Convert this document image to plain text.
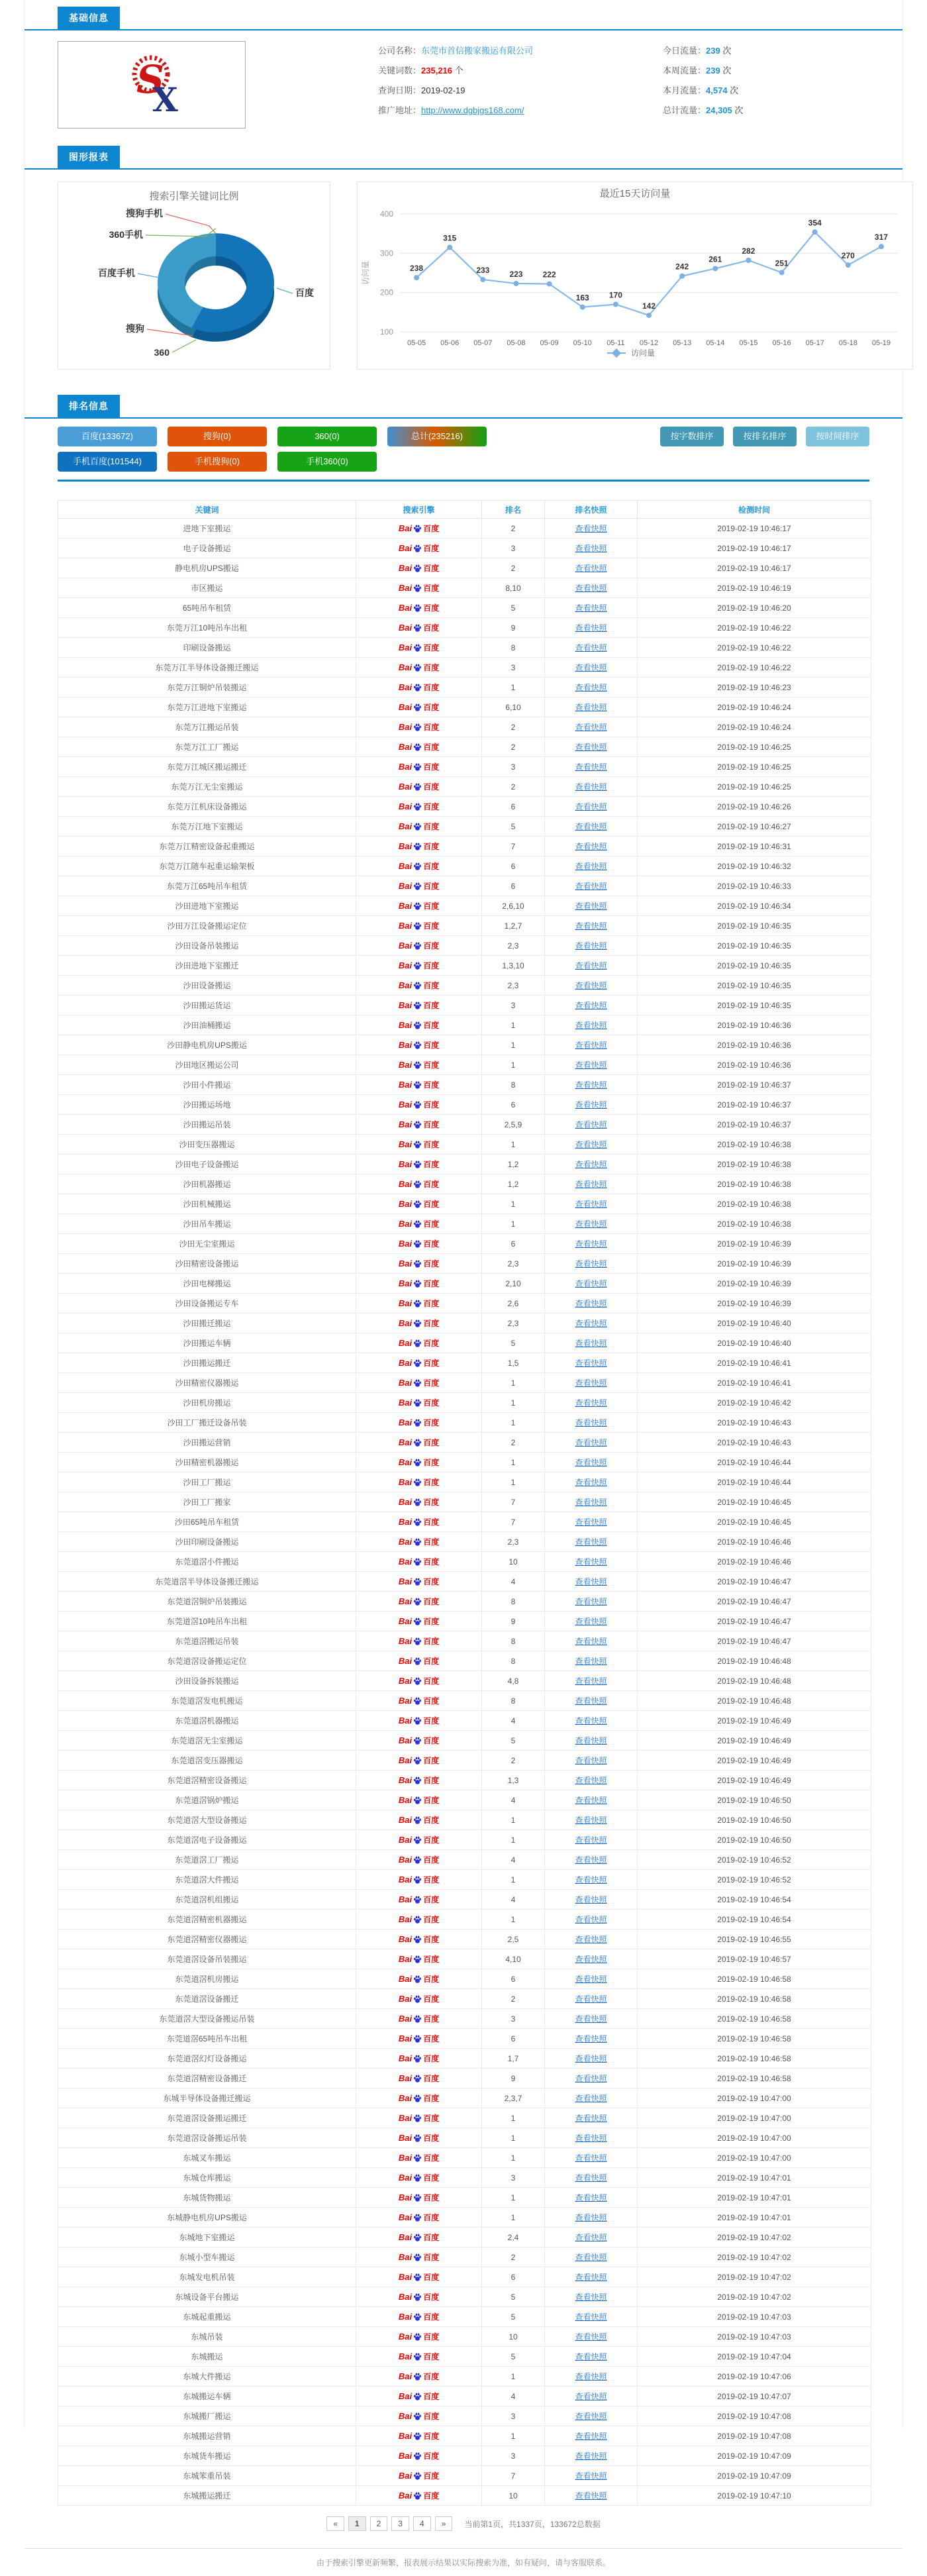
基础信息
S
X
公司名称：东莞市首信搬家搬运有限公司
关键词数：235,216 个
查询日期：2019-02-19
推广地址：http://www.dgbjgs168.com/
今日流量：239 次
本周流量：239 次
本月流量：4,574 次
总计流量：24,305 次
图形报表
搜索引擎关键词比例
百度
百度手机
搜狗手机
360手机
搜狗
360
最近15天访问量
100
200
300
400
访问量	238
05-05
315
05-06
233
05-07
223
05-08
222
05-09
163
05-10
170
05-11
142
05-12
242
05-13
261
05-14
282
05-15
251
05-16
354
05-17
270
05-18
317
05-19
访问量
排名信息
百度(133672)	搜狗(0)	360(0)	总计(235216)	按字数排序	按排名排序	按时间排序
手机百度(101544)	手机搜狗(0)	手机360(0)
关键词	搜索引擎	排名	排名快照	检测时间
进地下室搬运	Bai 百度	2	查看快照	2019-02-19 10:46:17
电子设备搬运	Bai 百度	3	查看快照	2019-02-19 10:46:17
静电机房UPS搬运	Bai 百度	2	查看快照	2019-02-19 10:46:17
市区搬运	Bai 百度	8,10	查看快照	2019-02-19 10:46:19
65吨吊车租赁	Bai 百度	5	查看快照	2019-02-19 10:46:20
东莞万江10吨吊车出租	Bai 百度	9	查看快照	2019-02-19 10:46:22
印刷设备搬运	Bai 百度	8	查看快照	2019-02-19 10:46:22
东莞万江半导体设备搬迁搬运	Bai 百度	3	查看快照	2019-02-19 10:46:22
东莞万江铜炉吊装搬运	Bai 百度	1	查看快照	2019-02-19 10:46:23
东莞万江进地下室搬运	Bai 百度	6,10	查看快照	2019-02-19 10:46:24
东莞万江搬运吊装	Bai 百度	2	查看快照	2019-02-19 10:46:24
东莞万江工厂搬运	Bai 百度	2	查看快照	2019-02-19 10:46:25
东莞万江城区搬运搬迁	Bai 百度	3	查看快照	2019-02-19 10:46:25
东莞万江无尘室搬运	Bai 百度	2	查看快照	2019-02-19 10:46:25
东莞万江机床设备搬运	Bai 百度	6	查看快照	2019-02-19 10:46:26
东莞万江地下室搬运	Bai 百度	5	查看快照	2019-02-19 10:46:27
东莞万江精密设备起重搬运	Bai 百度	7	查看快照	2019-02-19 10:46:31
东莞万江随车起重运输架板	Bai 百度	6	查看快照	2019-02-19 10:46:32
东莞万江65吨吊车租赁	Bai 百度	6	查看快照	2019-02-19 10:46:33
沙田进地下室搬运	Bai 百度	2,6,10	查看快照	2019-02-19 10:46:34
沙田万江设备搬运定位	Bai 百度	1,2,7	查看快照	2019-02-19 10:46:35
沙田设备吊装搬运	Bai 百度	2,3	查看快照	2019-02-19 10:46:35
沙田进地下室搬迁	Bai 百度	1,3,10	查看快照	2019-02-19 10:46:35
沙田设备搬运	Bai 百度	2,3	查看快照	2019-02-19 10:46:35
沙田搬运货运	Bai 百度	3	查看快照	2019-02-19 10:46:35
沙田油桶搬运	Bai 百度	1	查看快照	2019-02-19 10:46:36
沙田静电机房UPS搬运	Bai 百度	1	查看快照	2019-02-19 10:46:36
沙田地区搬运公司	Bai 百度	1	查看快照	2019-02-19 10:46:36
沙田小件搬运	Bai 百度	8	查看快照	2019-02-19 10:46:37
沙田搬运场地	Bai 百度	6	查看快照	2019-02-19 10:46:37
沙田搬运吊装	Bai 百度	2,5,9	查看快照	2019-02-19 10:46:37
沙田变压器搬运	Bai 百度	1	查看快照	2019-02-19 10:46:38
沙田电子设备搬运	Bai 百度	1,2	查看快照	2019-02-19 10:46:38
沙田机器搬运	Bai 百度	1,2	查看快照	2019-02-19 10:46:38
沙田机械搬运	Bai 百度	1	查看快照	2019-02-19 10:46:38
沙田吊车搬运	Bai 百度	1	查看快照	2019-02-19 10:46:38
沙田无尘室搬运	Bai 百度	6	查看快照	2019-02-19 10:46:39
沙田精密设备搬运	Bai 百度	2,3	查看快照	2019-02-19 10:46:39
沙田电梯搬运	Bai 百度	2,10	查看快照	2019-02-19 10:46:39
沙田设备搬运专车	Bai 百度	2,6	查看快照	2019-02-19 10:46:39
沙田搬迁搬运	Bai 百度	2,3	查看快照	2019-02-19 10:46:40
沙田搬运车辆	Bai 百度	5	查看快照	2019-02-19 10:46:40
沙田搬运搬迁	Bai 百度	1,5	查看快照	2019-02-19 10:46:41
沙田精密仪器搬运	Bai 百度	1	查看快照	2019-02-19 10:46:41
沙田机房搬运	Bai 百度	1	查看快照	2019-02-19 10:46:42
沙田工厂搬迁设备吊装	Bai 百度	1	查看快照	2019-02-19 10:46:43
沙田搬运营销	Bai 百度	2	查看快照	2019-02-19 10:46:43
沙田精密机器搬运	Bai 百度	1	查看快照	2019-02-19 10:46:44
沙田工厂搬运	Bai 百度	1	查看快照	2019-02-19 10:46:44
沙田工厂搬家	Bai 百度	7	查看快照	2019-02-19 10:46:45
沙田65吨吊车租赁	Bai 百度	7	查看快照	2019-02-19 10:46:45
沙田印刷设备搬运	Bai 百度	2,3	查看快照	2019-02-19 10:46:46
东莞道滘小件搬运	Bai 百度	10	查看快照	2019-02-19 10:46:46
东莞道滘半导体设备搬迁搬运	Bai 百度	4	查看快照	2019-02-19 10:46:47
东莞道滘铜炉吊装搬运	Bai 百度	8	查看快照	2019-02-19 10:46:47
东莞道滘10吨吊车出租	Bai 百度	9	查看快照	2019-02-19 10:46:47
东莞道滘搬运吊装	Bai 百度	8	查看快照	2019-02-19 10:46:47
东莞道滘设备搬运定位	Bai 百度	8	查看快照	2019-02-19 10:46:48
沙田设备拆装搬运	Bai 百度	4,8	查看快照	2019-02-19 10:46:48
东莞道滘发电机搬运	Bai 百度	8	查看快照	2019-02-19 10:46:48
东莞道滘机器搬运	Bai 百度	4	查看快照	2019-02-19 10:46:49
东莞道滘无尘室搬运	Bai 百度	5	查看快照	2019-02-19 10:46:49
东莞道滘变压器搬运	Bai 百度	2	查看快照	2019-02-19 10:46:49
东莞道滘精密设备搬运	Bai 百度	1,3	查看快照	2019-02-19 10:46:49
东莞道滘锅炉搬运	Bai 百度	4	查看快照	2019-02-19 10:46:50
东莞道滘大型设备搬运	Bai 百度	1	查看快照	2019-02-19 10:46:50
东莞道滘电子设备搬运	Bai 百度	1	查看快照	2019-02-19 10:46:50
东莞道滘工厂搬运	Bai 百度	4	查看快照	2019-02-19 10:46:52
东莞道滘大件搬运	Bai 百度	1	查看快照	2019-02-19 10:46:52
东莞道滘机组搬运	Bai 百度	4	查看快照	2019-02-19 10:46:54
东莞道滘精密机器搬运	Bai 百度	1	查看快照	2019-02-19 10:46:54
东莞道滘精密仪器搬运	Bai 百度	2,5	查看快照	2019-02-19 10:46:55
东莞道滘设备吊装搬运	Bai 百度	4,10	查看快照	2019-02-19 10:46:57
东莞道滘机房搬运	Bai 百度	6	查看快照	2019-02-19 10:46:58
东莞道滘设备搬迁	Bai 百度	2	查看快照	2019-02-19 10:46:58
东莞道滘大型设备搬运吊装	Bai 百度	3	查看快照	2019-02-19 10:46:58
东莞道滘65吨吊车出租	Bai 百度	6	查看快照	2019-02-19 10:46:58
东莞道滘幻灯设备搬运	Bai 百度	1,7	查看快照	2019-02-19 10:46:58
东莞道滘精密设备搬迁	Bai 百度	9	查看快照	2019-02-19 10:46:58
东城半导体设备搬迁搬运	Bai 百度	2,3,7	查看快照	2019-02-19 10:47:00
东莞道滘设备搬运搬迁	Bai 百度	1	查看快照	2019-02-19 10:47:00
东莞道滘设备搬运吊装	Bai 百度	1	查看快照	2019-02-19 10:47:00
东城叉车搬运	Bai 百度	1	查看快照	2019-02-19 10:47:00
东城仓库搬运	Bai 百度	3	查看快照	2019-02-19 10:47:01
东城货物搬运	Bai 百度	1	查看快照	2019-02-19 10:47:01
东城静电机房UPS搬运	Bai 百度	1	查看快照	2019-02-19 10:47:01
东城地下室搬运	Bai 百度	2,4	查看快照	2019-02-19 10:47:02
东城小型车搬运	Bai 百度	2	查看快照	2019-02-19 10:47:02
东城发电机吊装	Bai 百度	6	查看快照	2019-02-19 10:47:02
东城设备平台搬运	Bai 百度	5	查看快照	2019-02-19 10:47:02
东城起重搬运	Bai 百度	5	查看快照	2019-02-19 10:47:03
东城吊装	Bai 百度	10	查看快照	2019-02-19 10:47:03
东城搬运	Bai 百度	5	查看快照	2019-02-19 10:47:04
东城大件搬运	Bai 百度	1	查看快照	2019-02-19 10:47:06
东城搬运车辆	Bai 百度	4	查看快照	2019-02-19 10:47:07
东城搬厂搬运	Bai 百度	3	查看快照	2019-02-19 10:47:08
东城搬运营销	Bai 百度	1	查看快照	2019-02-19 10:47:08
东城货车搬运	Bai 百度	3	查看快照	2019-02-19 10:47:09
东城笨重吊装	Bai 百度	7	查看快照	2019-02-19 10:47:09
东城搬运搬迁	Bai 百度	10	查看快照	2019-02-19 10:47:10
«	1	2	3	4	»	当前第1页，共1337页，133672总数据
由于搜索引擎更新频繁，报表展示结果以实际搜索为准，如有疑问，请与客服联系。
